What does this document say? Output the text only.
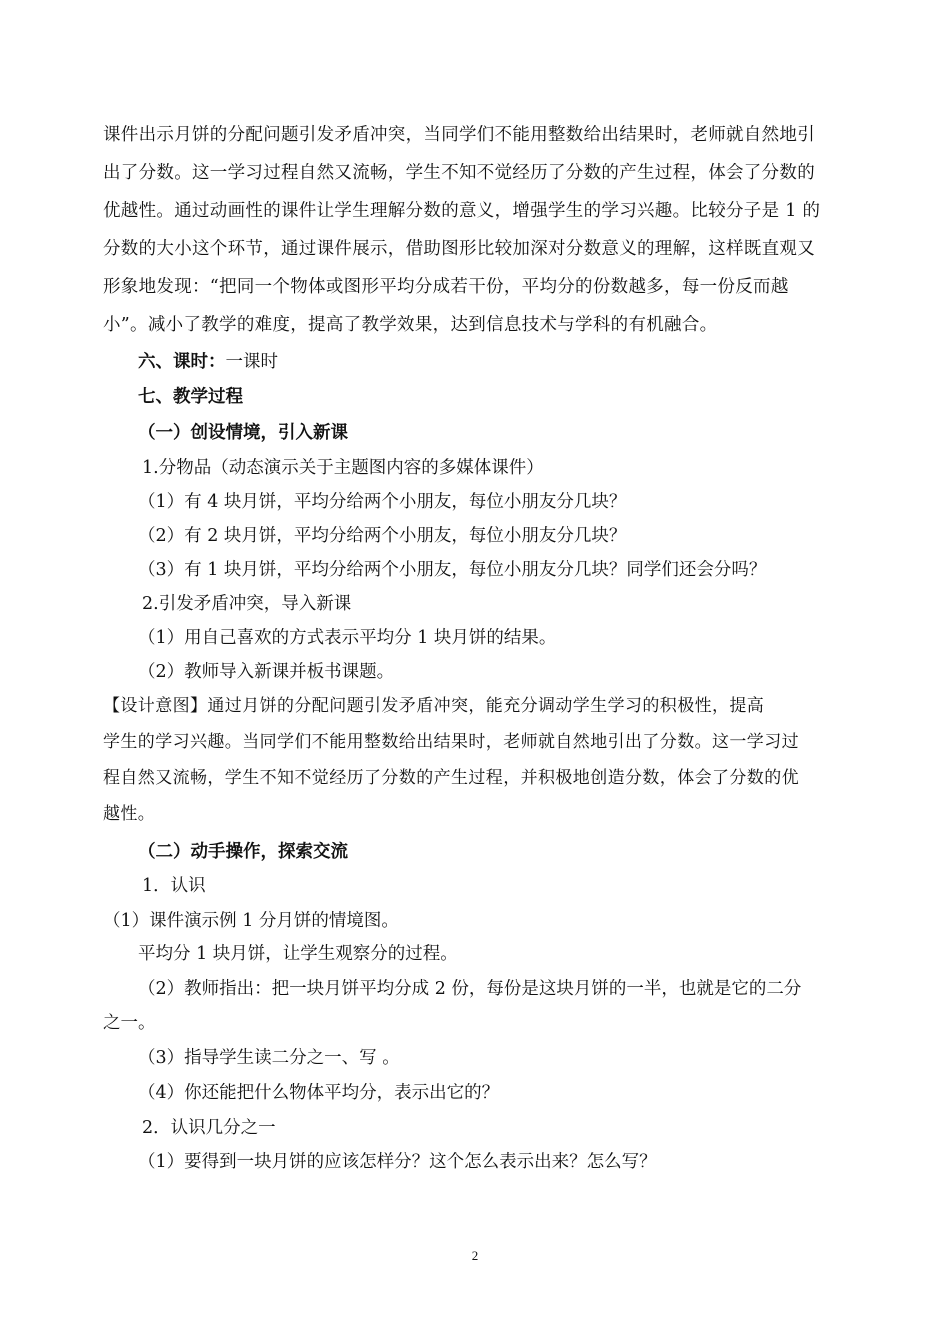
课件出示月饼的分配问题引发矛盾冲突，当同学们不能用整数给出结果时，老师就自然地引
出了分数。这一学习过程自然又流畅，学生不知不觉经历了分数的产生过程，体会了分数的
优越性。通过动画性的课件让学生理解分数的意义，增强学生的学习兴趣。比较分子是 1 的
分数的大小这个环节，通过课件展示，借助图形比较加深对分数意义的理解，这样既直观又
形象地发现：“把同一个物体或图形平均分成若干份，平均分的份数越多，每一份反而越
小”。减小了教学的难度，提高了教学效果，达到信息技术与学科的有机融合。
六、课时：一课时
七、教学过程
（一）创设情境，引入新课
1.分物品（动态演示关于主题图内容的多媒体课件）
（1）有 4 块月饼，平均分给两个小朋友，每位小朋友分几块？
（2）有 2 块月饼，平均分给两个小朋友，每位小朋友分几块？
（3）有 1 块月饼，平均分给两个小朋友，每位小朋友分几块？同学们还会分吗？
2.引发矛盾冲突，导入新课
（1）用自己喜欢的方式表示平均分 1 块月饼的结果。
（2）教师导入新课并板书课题。
【设计意图】通过月饼的分配问题引发矛盾冲突，能充分调动学生学习的积极性，提高
学生的学习兴趣。当同学们不能用整数给出结果时，老师就自然地引出了分数。这一学习过
程自然又流畅，学生不知不觉经历了分数的产生过程，并积极地创造分数，体会了分数的优
越性。
（二）动手操作，探索交流
1．认识
（1）课件演示例 1 分月饼的情境图。
平均分 1 块月饼，让学生观察分的过程。
（2）教师指出：把一块月饼平均分成 2 份，每份是这块月饼的一半，也就是它的二分
之一。
（3）指导学生读二分之一、写 。
（4）你还能把什么物体平均分，表示出它的？
2．认识几分之一
（1）要得到一块月饼的应该怎样分？这个怎么表示出来？怎么写？
2
